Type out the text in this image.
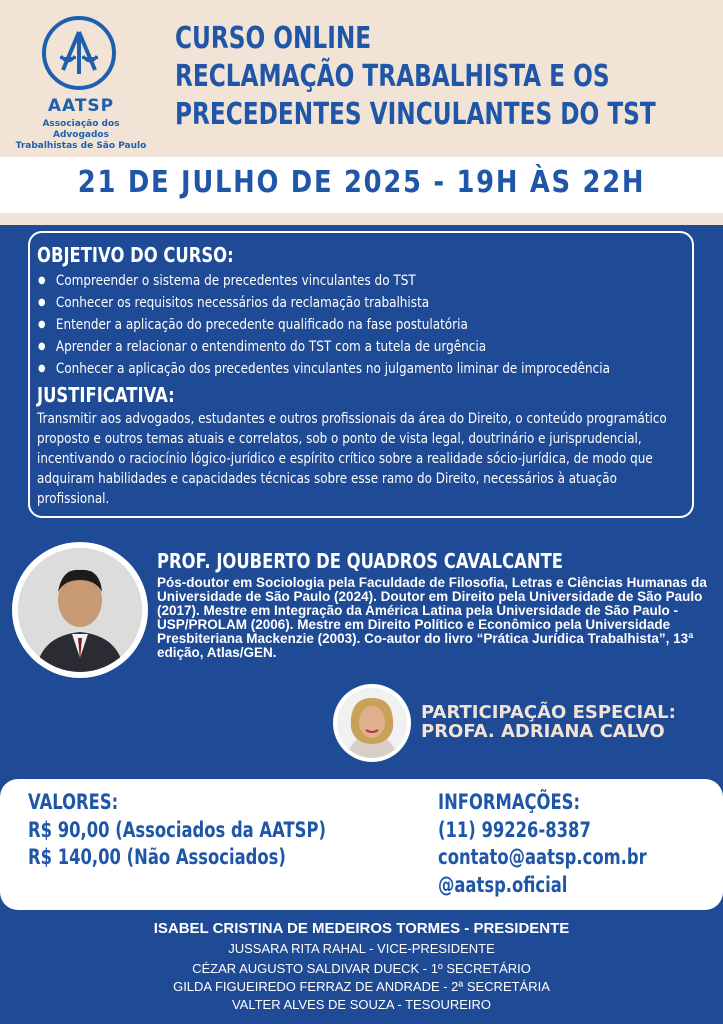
AATSP
Associação dos Advogados
Trabalhistas de São Paulo
CURSO ONLINE
RECLAMAÇÃO TRABALHISTA E OS
PRECEDENTES VINCULANTES DO TST
21 DE JULHO DE 2025 - 19H ÀS 22H
OBJETIVO DO CURSO:
● Compreender o sistema de precedentes vinculantes do TST
● Conhecer os requisitos necessários da reclamação trabalhista
● Entender a aplicação do precedente qualificado na fase postulatória
● Aprender a relacionar o entendimento do TST com a tutela de urgência
● Conhecer a aplicação dos precedentes vinculantes no julgamento liminar de improcedência
JUSTIFICATIVA:
Transmitir aos advogados, estudantes e outros profissionais da área do Direito, o conteúdo programático proposto e outros temas atuais e correlatos, sob o ponto de vista legal, doutrinário e jurisprudencial, incentivando o raciocínio lógico-jurídico e espírito crítico sobre a realidade sócio-jurídica, de modo que adquiram habilidades e capacidades técnicas sobre esse ramo do Direito, necessários à atuação profissional.
PROF. JOUBERTO DE QUADROS CAVALCANTE
Pós-doutor em Sociologia pela Faculdade de Filosofia, Letras e Ciências Humanas da Universidade de São Paulo (2024). Doutor em Direito pela Universidade de São Paulo (2017). Mestre em Integração da América Latina pela Universidade de São Paulo - USP/PROLAM (2006). Mestre em Direito Político e Econômico pela Universidade Presbiteriana Mackenzie (2003). Co-autor do livro “Prática Jurídica Trabalhista”, 13ª edição, Atlas/GEN.
PARTICIPAÇÃO ESPECIAL:
PROFA. ADRIANA CALVO
VALORES:
R$ 90,00 (Associados da AATSP)
R$ 140,00 (Não Associados)
INFORMAÇÕES:
(11) 99226-8387
contato@aatsp.com.br
@aatsp.oficial
ISABEL CRISTINA DE MEDEIROS TORMES - PRESIDENTE
JUSSARA RITA RAHAL - VICE-PRESIDENTE
CÉZAR AUGUSTO SALDIVAR DUECK - 1º SECRETÁRIO
GILDA FIGUEIREDO FERRAZ DE ANDRADE - 2ª SECRETÁRIA
VALTER ALVES DE SOUZA - TESOUREIRO
